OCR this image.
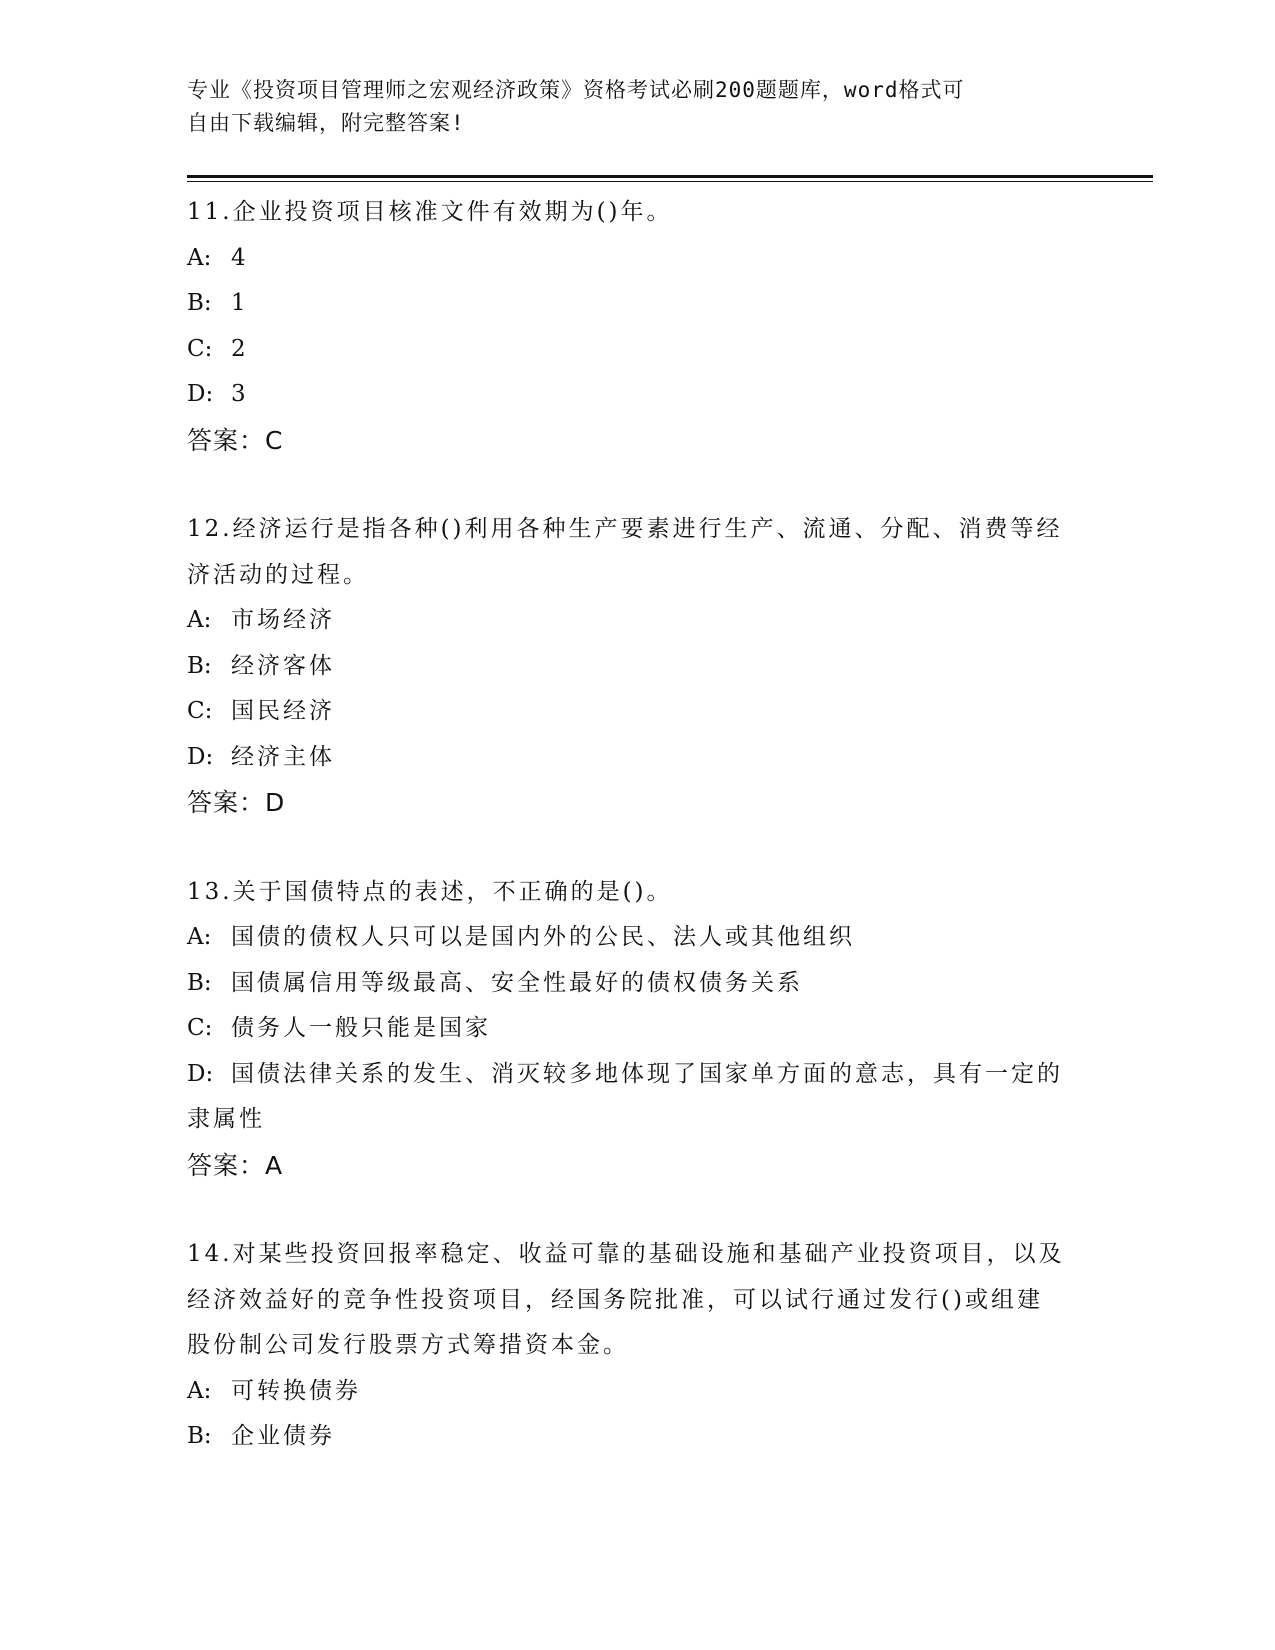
专业《投资项目管理师之宏观经济政策》资格考试必刷200题题库，word格式可
自由下载编辑，附完整答案!
11.企业投资项目核准文件有效期为()年。
A: 4
B: 1
C: 2
D: 3
答案：C
12.经济运行是指各种()利用各种生产要素进行生产、流通、分配、消费等经济活动的过程。
A: 市场经济
B: 经济客体
C: 国民经济
D: 经济主体
答案：D
13.关于国债特点的表述，不正确的是()。
A: 国债的债权人只可以是国内外的公民、法人或其他组织
B: 国债属信用等级最高、安全性最好的债权债务关系
C: 债务人一般只能是国家
D: 国债法律关系的发生、消灭较多地体现了国家单方面的意志，具有一定的隶属性
答案：A
14.对某些投资回报率稳定、收益可靠的基础设施和基础产业投资项目，以及经济效益好的竞争性投资项目，经国务院批准，可以试行通过发行()或组建股份制公司发行股票方式筹措资本金。
A: 可转换债券
B: 企业债券
